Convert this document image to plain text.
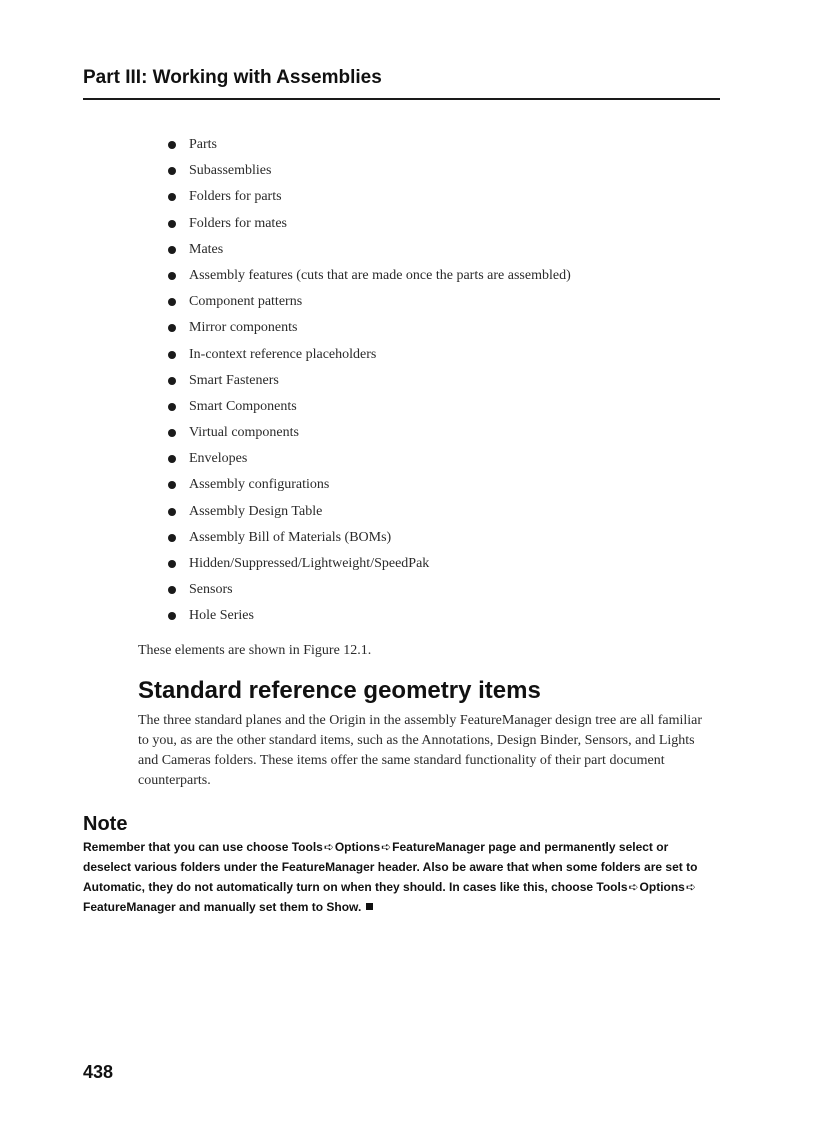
Part III: Working with Assemblies
Parts
Subassemblies
Folders for parts
Folders for mates
Mates
Assembly features (cuts that are made once the parts are assembled)
Component patterns
Mirror components
In-context reference placeholders
Smart Fasteners
Smart Components
Virtual components
Envelopes
Assembly configurations
Assembly Design Table
Assembly Bill of Materials (BOMs)
Hidden/Suppressed/Lightweight/SpeedPak
Sensors
Hole Series
These elements are shown in Figure 12.1.
Standard reference geometry items

The three standard planes and the Origin in the assembly FeatureManager design tree are all familiar to you, as are the other standard items, such as the Annotations, Design Binder, Sensors, and Lights and Cameras folders. These items offer the same standard functionality of their part document counterparts.

Note
Remember that you can use choose Tools➪Options➪FeatureManager page and permanently select or
deselect various folders under the FeatureManager header. Also be aware that when some folders are set to
Automatic, they do not automatically turn on when they should. In cases like this, choose Tools➪Options➪
FeatureManager and manually set them to Show.
438
